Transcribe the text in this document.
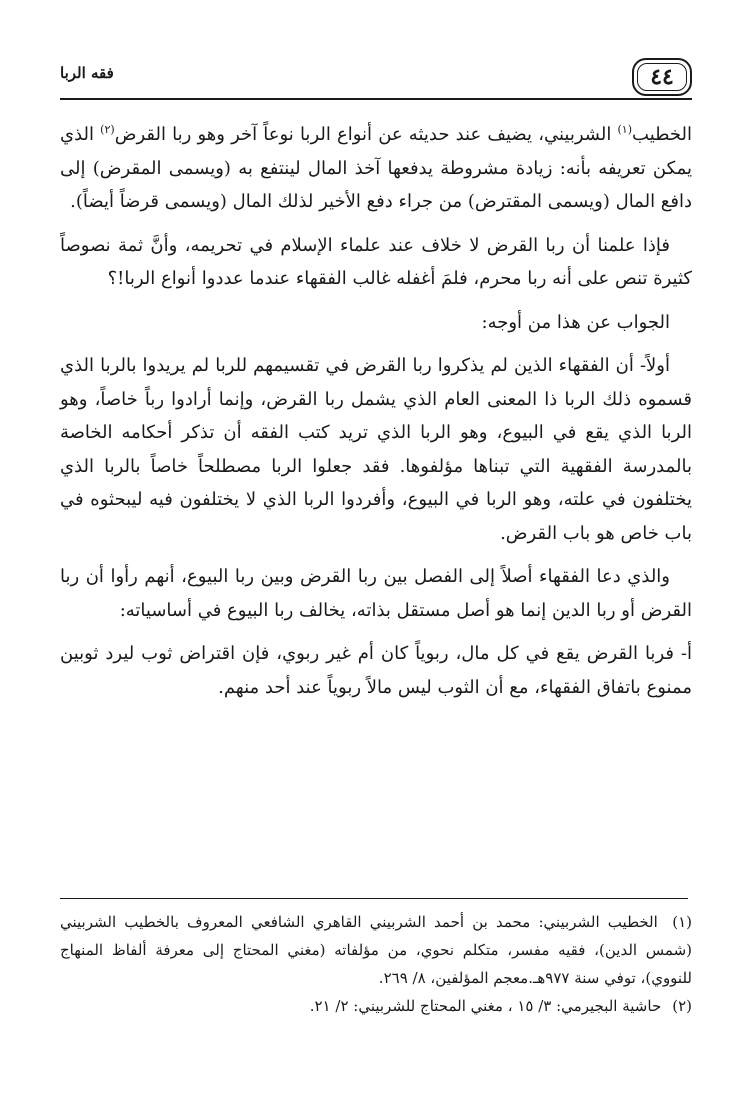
٤٤
فقه الربا

الخطيب$^{(١)}$ الشربيني، يضيف عند حديثه عن أنواع الربا نوعاً آخر وهو ربا القرض$^{(٢)}$ الذي يمكن تعريفه بأنه: زيادة مشروطة يدفعها آخذ المال لينتفع به (ويسمى المقرض) إلى دافع المال (ويسمى المقترض) من جراء دفع الأخير لذلك المال (ويسمى قرضاً أيضاً).

فإذا علمنا أن ربا القرض لا خلاف عند علماء الإسلام في تحريمه، وأنَّ ثمة نصوصاً كثيرة تنص على أنه ربا محرم، فلمَ أغفله غالب الفقهاء عندما عددوا أنواع الربا!؟

الجواب عن هذا من أوجه:

أولاً- أن الفقهاء الذين لم يذكروا ربا القرض في تقسيمهم للربا لم يريدوا بالربا الذي قسموه ذلك الربا ذا المعنى العام الذي يشمل ربا القرض، وإنما أرادوا رباً خاصاً، وهو الربا الذي يقع في البيوع، وهو الربا الذي تريد كتب الفقه أن تذكر أحكامه الخاصة بالمدرسة الفقهية التي تبناها مؤلفوها. فقد جعلوا الربا مصطلحاً خاصاً بالربا الذي يختلفون في علته، وهو الربا في البيوع، وأفردوا الربا الذي لا يختلفون فيه ليبحثوه في باب خاص هو باب القرض.

والذي دعا الفقهاء أصلاً إلى الفصل بين ربا القرض وبين ربا البيوع، أنهم رأوا أن ربا القرض أو ربا الدين إنما هو أصل مستقل بذاته، يخالف ربا البيوع في أساسياته:

أ- فربا القرض يقع في كل مال، ربوياً كان أم غير ربوي، فإن اقتراض ثوب ليرد ثوبين ممنوع باتفاق الفقهاء، مع أن الثوب ليس مالاً ربوياً عند أحد منهم.

(١) الخطيب الشربيني: محمد بن أحمد الشربيني القاهري الشافعي المعروف بالخطيب الشربيني (شمس الدين)، فقيه مفسر، متكلم نحوي، من مؤلفاته (مغني المحتاج إلى معرفة ألفاظ المنهاج للنووي)، توفي سنة ٩٧٧هـ.معجم المؤلفين، ٨/ ٢٦٩.

(٢) حاشية البجيرمي: ٣/ ١٥ ، مغني المحتاج للشربيني: ٢/ ٢١.
